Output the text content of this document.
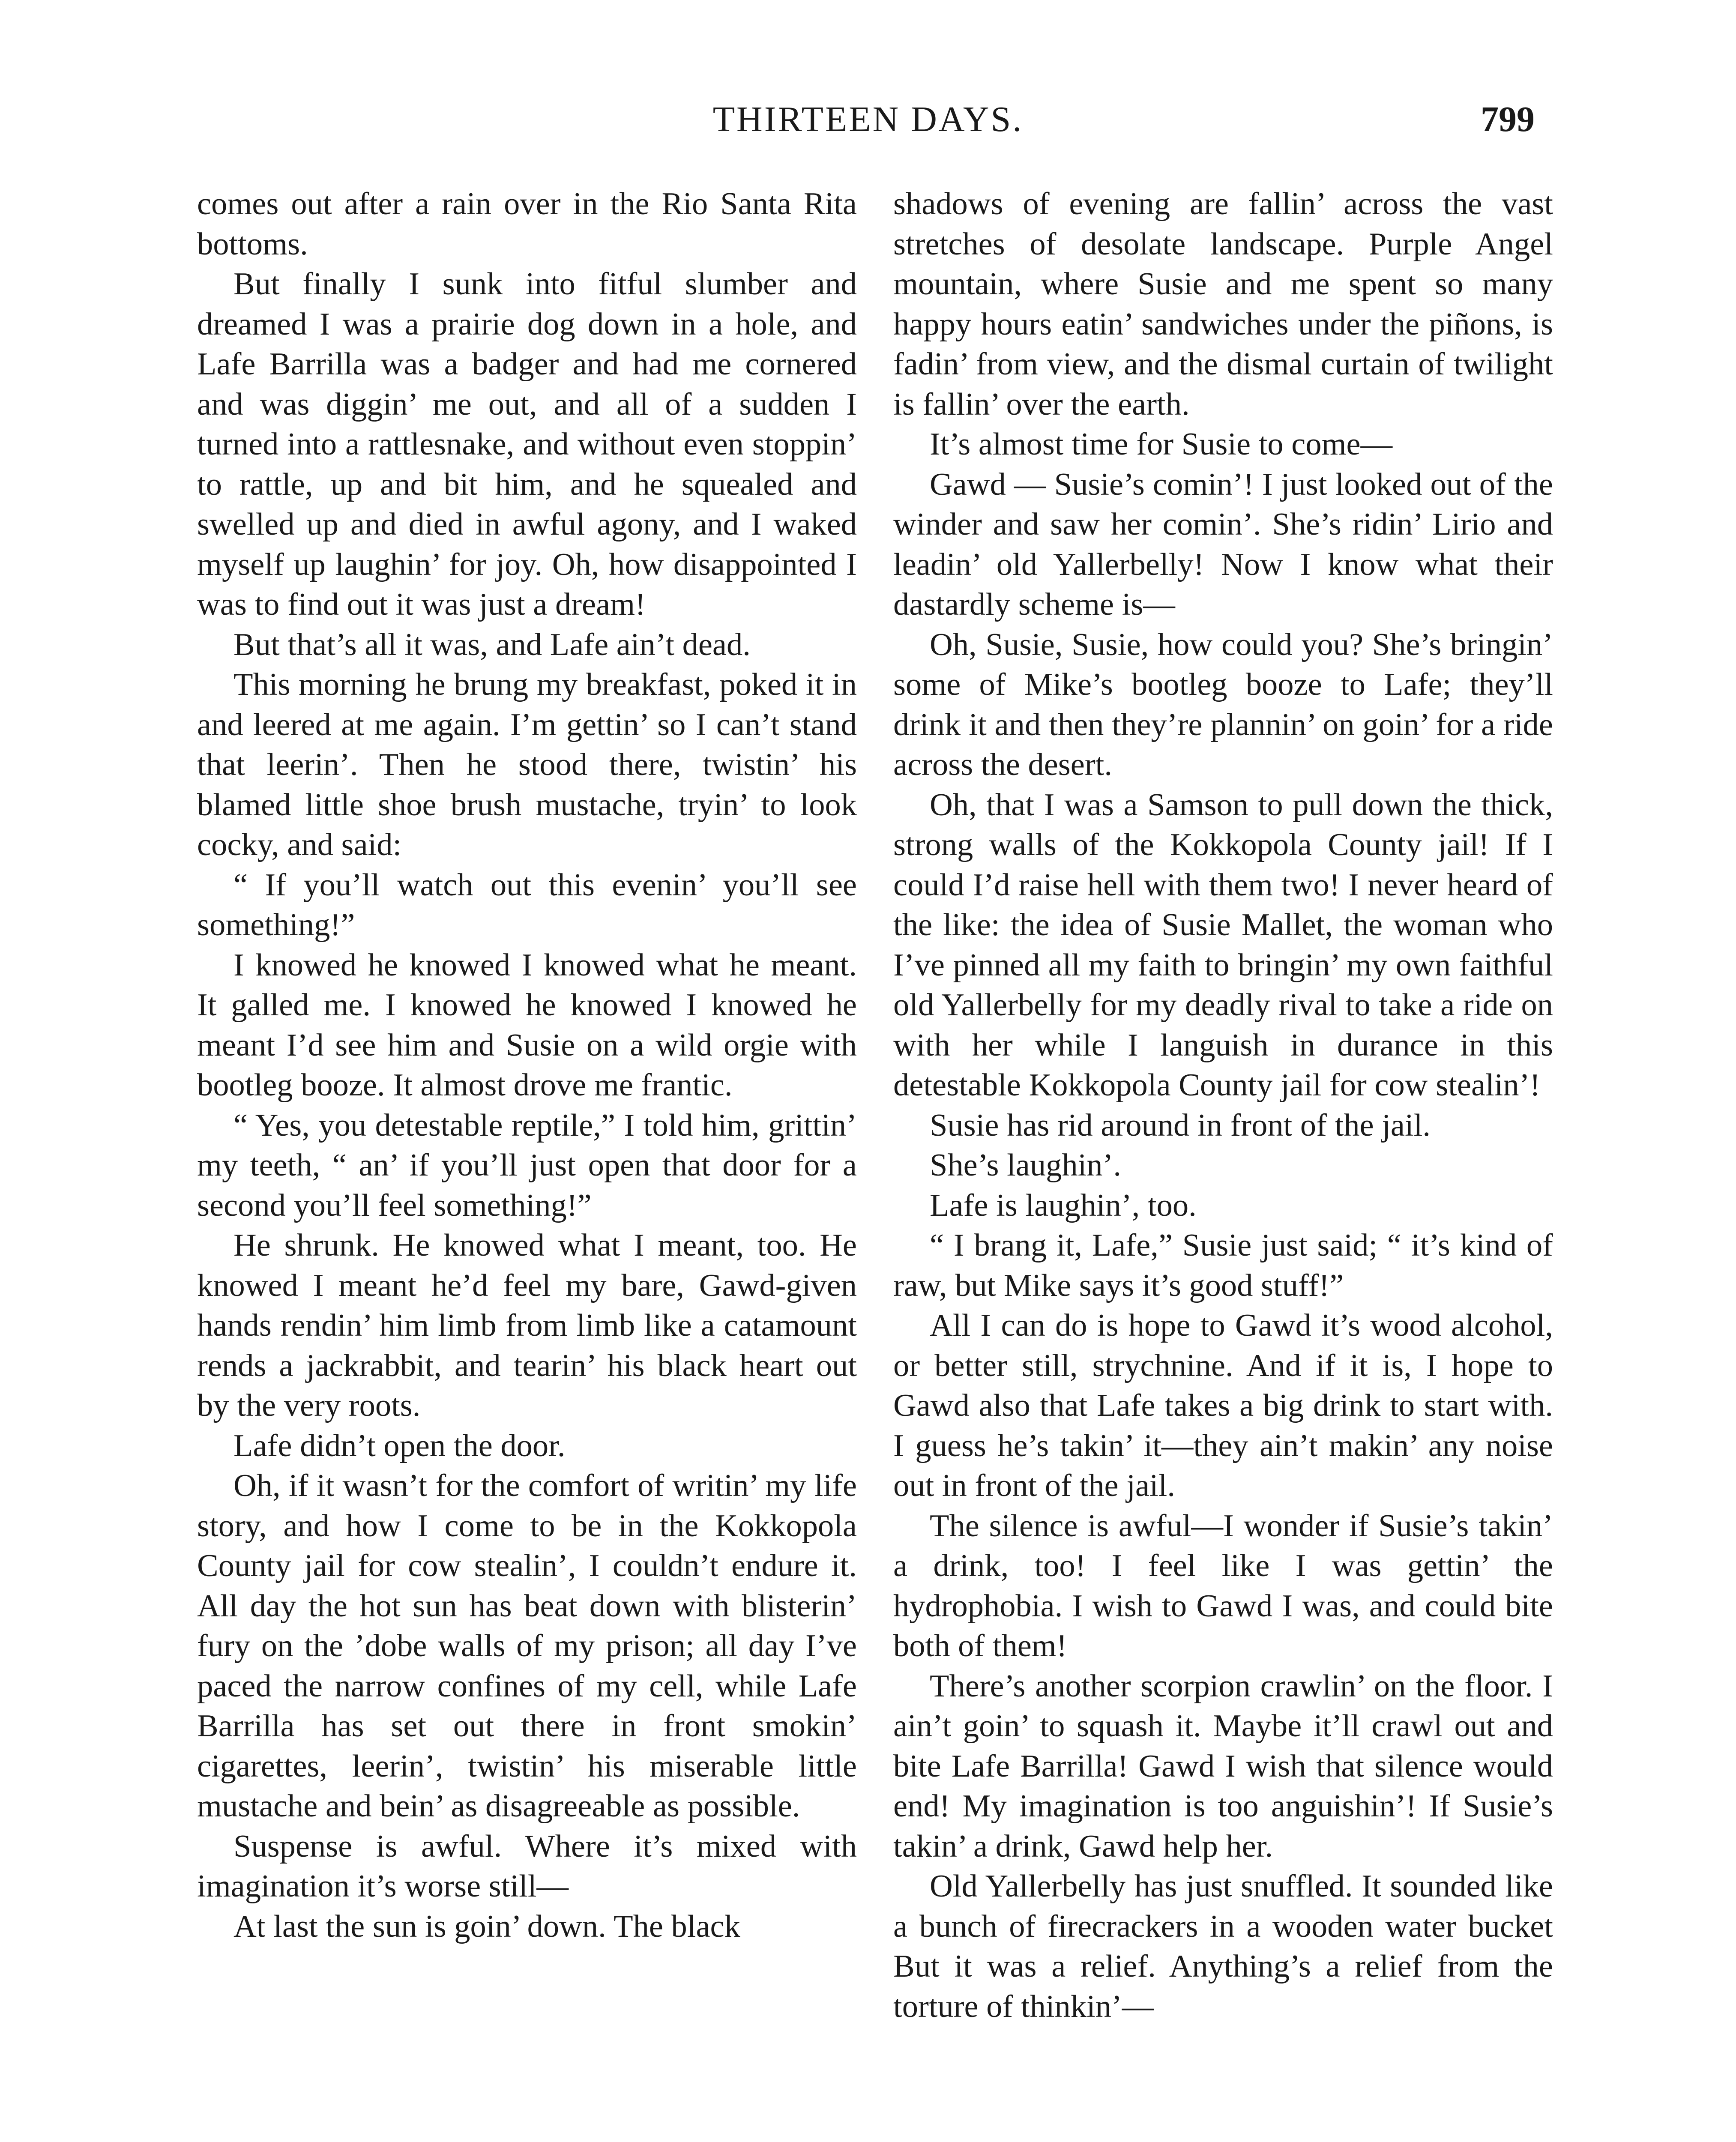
THIRTEEN DAYS.	799

comes out after a rain over in the Rio Santa Rita bottoms.

But finally I sunk into fitful slumber and dreamed I was a prairie dog down in a hole, and Lafe Barrilla was a badger and had me cornered and was diggin’ me out, and all of a sudden I turned into a rattlesnake, and without even stoppin’ to rattle, up and bit him, and he squealed and swelled up and died in awful agony, and I waked myself up laughin’ for joy. Oh, how disappointed I was to find out it was just a dream!

But that’s all it was, and Lafe ain’t dead.

This morning he brung my breakfast, poked it in and leered at me again. I’m gettin’ so I can’t stand that leerin’. Then he stood there, twistin’ his blamed little shoe brush mustache, tryin’ to look cocky, and said:

“ If you’ll watch out this evenin’ you’ll see something!”

I knowed he knowed I knowed what he meant. It galled me. I knowed he knowed I knowed he meant I’d see him and Susie on a wild orgie with bootleg booze. It almost drove me frantic.

“ Yes, you detestable reptile,” I told him, grittin’ my teeth, “ an’ if you’ll just open that door for a second you’ll feel something!”

He shrunk. He knowed what I meant, too. He knowed I meant he’d feel my bare, Gawd-given hands rendin’ him limb from limb like a catamount rends a jackrabbit, and tearin’ his black heart out by the very roots.

Lafe didn’t open the door.

Oh, if it wasn’t for the comfort of writin’ my life story, and how I come to be in the Kokkopola County jail for cow stealin’, I couldn’t endure it. All day the hot sun has beat down with blisterin’ fury on the ’dobe walls of my prison; all day I’ve paced the narrow confines of my cell, while Lafe Barrilla has set out there in front smokin’ cigarettes, leerin’, twistin’ his miserable little mustache and bein’ as disagreeable as possible.

Suspense is awful. Where it’s mixed with imagination it’s worse still—

At last the sun is goin’ down. The black

shadows of evening are fallin’ across the vast stretches of desolate landscape. Purple Angel mountain, where Susie and me spent so many happy hours eatin’ sandwiches under the piñons, is fadin’ from view, and the dismal curtain of twilight is fallin’ over the earth.

It’s almost time for Susie to come—

Gawd — Susie’s comin’! I just looked out of the winder and saw her comin’. She’s ridin’ Lirio and leadin’ old Yallerbelly! Now I know what their dastardly scheme is—

Oh, Susie, Susie, how could you? She’s bringin’ some of Mike’s bootleg booze to Lafe; they’ll drink it and then they’re plannin’ on goin’ for a ride across the desert.

Oh, that I was a Samson to pull down the thick, strong walls of the Kokkopola County jail! If I could I’d raise hell with them two! I never heard of the like: the idea of Susie Mallet, the woman who I’ve pinned all my faith to bringin’ my own faithful old Yallerbelly for my deadly rival to take a ride on with her while I languish in durance in this detestable Kokkopola County jail for cow stealin’!

Susie has rid around in front of the jail.

She’s laughin’.

Lafe is laughin’, too.

“ I brang it, Lafe,” Susie just said; “ it’s kind of raw, but Mike says it’s good stuff!”

All I can do is hope to Gawd it’s wood alcohol, or better still, strychnine. And if it is, I hope to Gawd also that Lafe takes a big drink to start with. I guess he’s takin’ it—they ain’t makin’ any noise out in front of the jail.

The silence is awful—I wonder if Susie’s takin’ a drink, too! I feel like I was gettin’ the hydrophobia. I wish to Gawd I was, and could bite both of them!

There’s another scorpion crawlin’ on the floor. I ain’t goin’ to squash it. Maybe it’ll crawl out and bite Lafe Barrilla! Gawd I wish that silence would end! My imagination is too anguishin’! If Susie’s takin’ a drink, Gawd help her.

Old Yallerbelly has just snuffled. It sounded like a bunch of firecrackers in a wooden water bucket But it was a relief. Anything’s a relief from the torture of thinkin’—
